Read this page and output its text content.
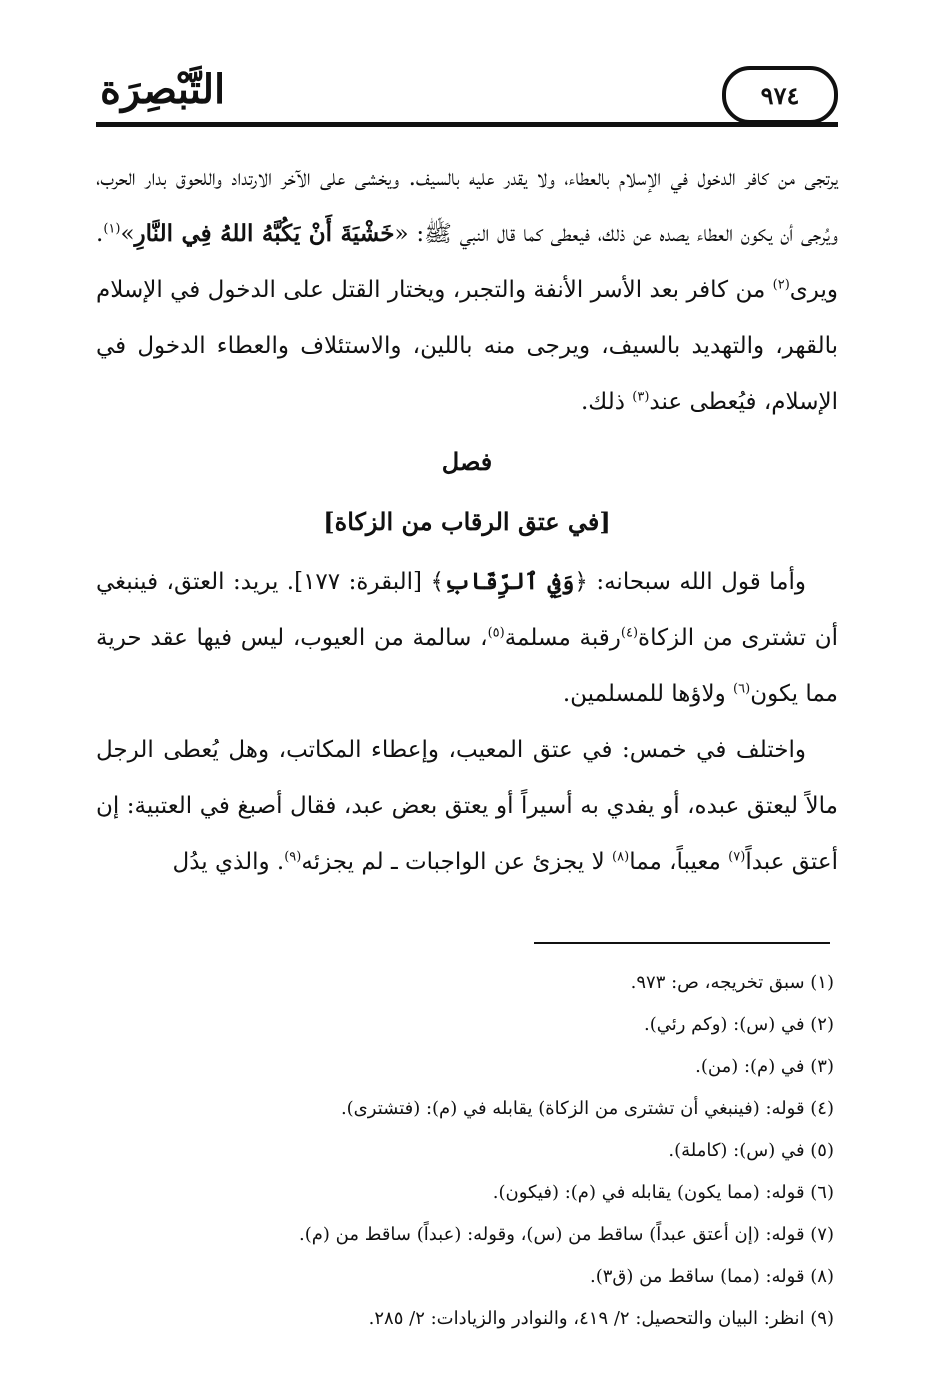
التَّبْصِرَة	٩٧٤

يرتجى من كافر الدخول في الإسلام بالعطاء، ولا يقدر عليه بالسيف. ويخشى على الآخر الارتداد واللحوق بدار الحرب، ويُرجى أن يكون العطاء يصده عن ذلك، فيعطى كما قال النبي ﷺ: «خَشْيَةَ أَنْ يَكُبَّهُ اللهُ فِي النَّارِ»$^{(١)}$. ويرى$^{(٢)}$ من كافر بعد الأسر الأنفة والتجبر، ويختار القتل على الدخول في الإسلام بالقهر، والتهديد بالسيف، ويرجى منه باللين، والاستئلاف والعطاء الدخول في الإسلام، فيُعطى عند$^{(٣)}$ ذلك.

فصل
[في عتق الرقاب من الزكاة]

وأما قول الله سبحانه: ﴿وَفِي ٱلرِّقَابِ﴾ [البقرة: ١٧٧]. يريد: العتق، فينبغي أن تشترى من الزكاة$^{(٤)}$رقبة مسلمة$^{(٥)}$، سالمة من العيوب، ليس فيها عقد حرية مما يكون$^{(٦)}$ ولاؤها للمسلمين.

واختلف في خمس: في عتق المعيب، وإعطاء المكاتب، وهل يُعطى الرجل مالاً ليعتق عبده، أو يفدي به أسيراً أو يعتق بعض عبد، فقال أصبغ في العتبية: إن أعتق عبداً$^{(٧)}$ معيباً، مما$^{(٨)}$ لا يجزئ عن الواجبات ـ لم يجزئه$^{(٩)}$. والذي يدُل

(١) سبق تخريجه، ص: ٩٧٣.
(٢) في (س): (وكم رئي).
(٣) في (م): (من).
(٤) قوله: (فينبغي أن تشترى من الزكاة) يقابله في (م): (فتشترى).
(٥) في (س): (كاملة).
(٦) قوله: (مما يكون) يقابله في (م): (فيكون).
(٧) قوله: (إن أعتق عبداً) ساقط من (س)، وقوله: (عبداً) ساقط من (م).
(٨) قوله: (مما) ساقط من (ق٣).
(٩) انظر: البيان والتحصيل: ٢/ ٤١٩، والنوادر والزيادات: ٢/ ٢٨٥.
